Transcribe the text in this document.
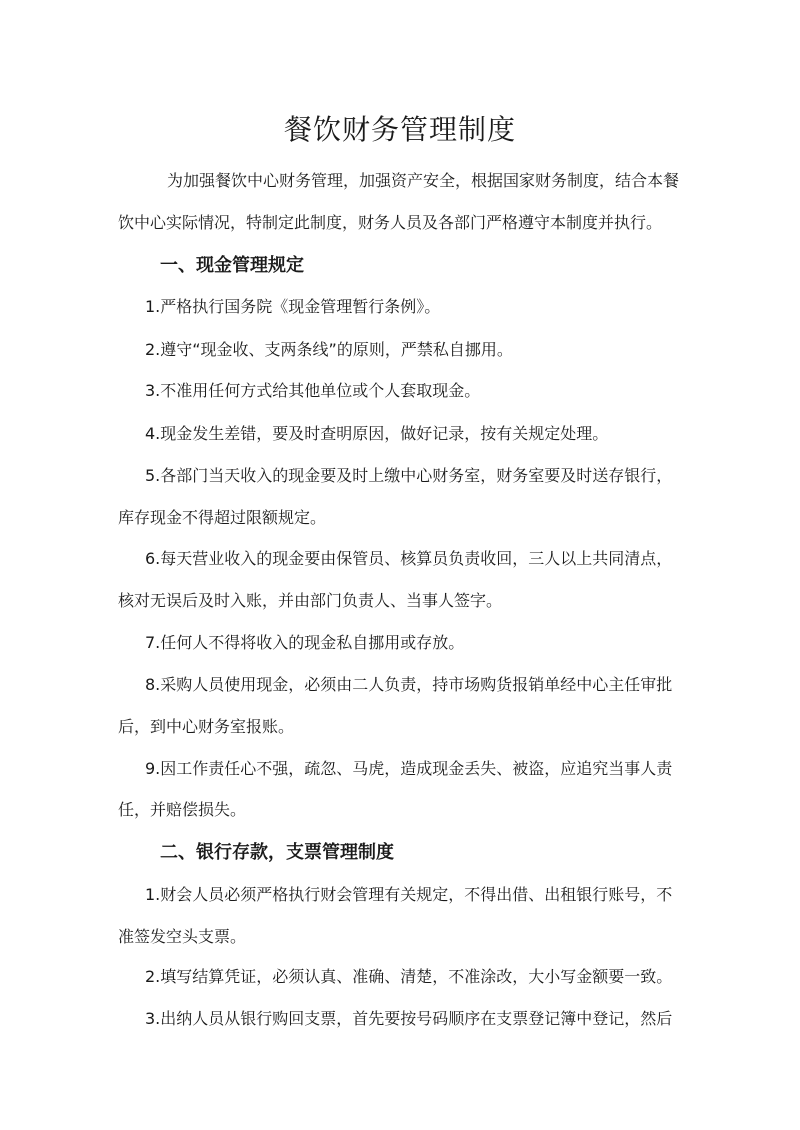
餐饮财务管理制度

为加强餐饮中心财务管理，加强资产安全，根据国家财务制度，结合本餐

饮中心实际情况，特制定此制度，财务人员及各部门严格遵守本制度并执行。

一、现金管理规定

1.严格执行国务院《现金管理暂行条例》。

2.遵守“现金收、支两条线”的原则，严禁私自挪用。

3.不准用任何方式给其他单位或个人套取现金。

4.现金发生差错，要及时查明原因，做好记录，按有关规定处理。

5.各部门当天收入的现金要及时上缴中心财务室，财务室要及时送存银行，

库存现金不得超过限额规定。

6.每天营业收入的现金要由保管员、核算员负责收回，三人以上共同清点，

核对无误后及时入账，并由部门负责人、当事人签字。

7.任何人不得将收入的现金私自挪用或存放。

8.采购人员使用现金，必须由二人负责，持市场购货报销单经中心主任审批

后，到中心财务室报账。

9.因工作责任心不强，疏忽、马虎，造成现金丢失、被盗，应追究当事人责

任，并赔偿损失。

二、银行存款，支票管理制度

1.财会人员必须严格执行财会管理有关规定，不得出借、出租银行账号，不

准签发空头支票。

2.填写结算凭证，必须认真、准确、清楚，不准涂改，大小写金额要一致。

3.出纳人员从银行购回支票，首先要按号码顺序在支票登记簿中登记，然后
